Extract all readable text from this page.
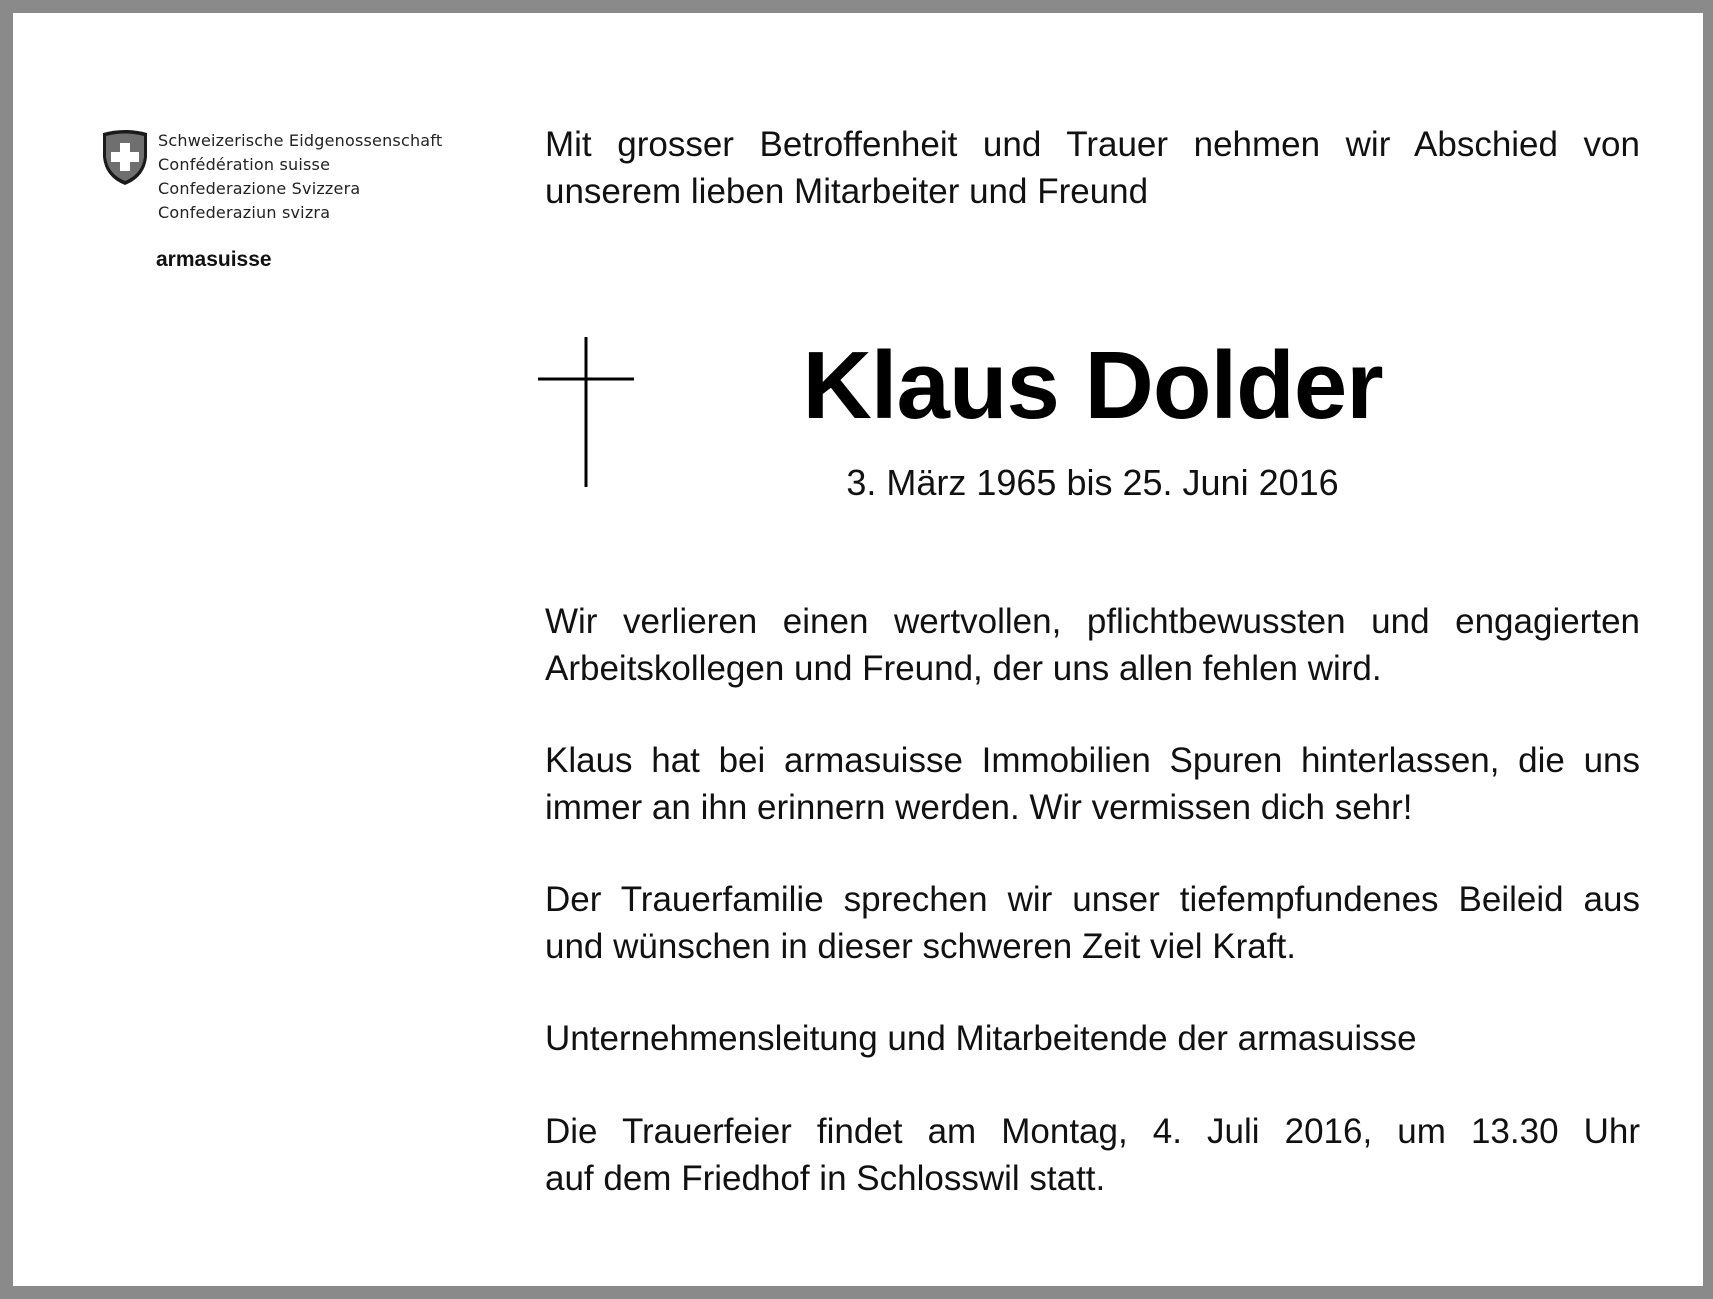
Schweizerische Eidgenossenschaft
Confédération suisse
Confederazione Svizzera
Confederaziun svizra
armasuisse
Mit grosser Betroffenheit und Trauer nehmen wir Abschied von
unserem lieben Mitarbeiter und Freund
Klaus Dolder
3. März 1965 bis 25. Juni 2016
Wir verlieren einen wertvollen, pflichtbewussten und engagierten
Arbeitskollegen und Freund, der uns allen fehlen wird.
Klaus hat bei armasuisse Immobilien Spuren hinterlassen, die uns
immer an ihn erinnern werden. Wir vermissen dich sehr!
Der Trauerfamilie sprechen wir unser tiefempfundenes Beileid aus
und wünschen in dieser schweren Zeit viel Kraft.
Unternehmensleitung und Mitarbeitende der armasuisse
Die Trauerfeier findet am Montag, 4. Juli 2016, um 13.30 Uhr
auf dem Friedhof in Schlosswil statt.
